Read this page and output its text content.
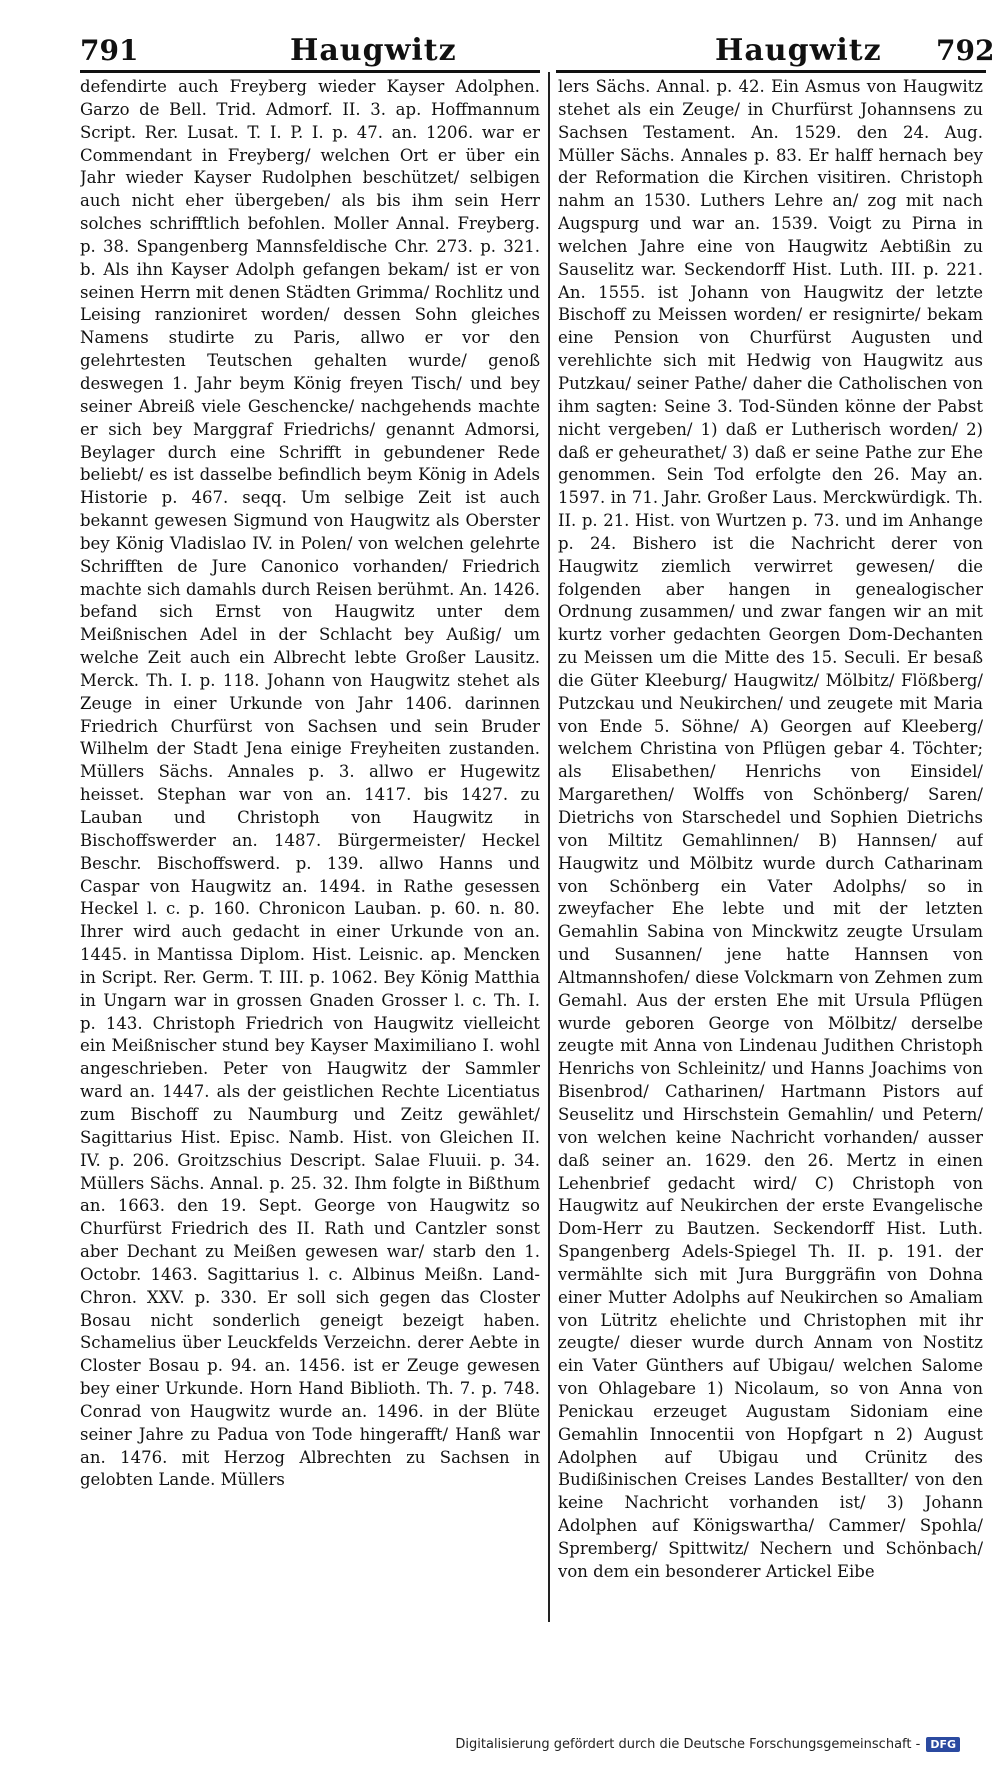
791	Haugwitz	Haugwitz 792

defendirte auch Freyberg wieder Kayser Adolphen. Garzo de Bell. Trid. Admorf. II. 3. ap. Hoffmannum Script. Rer. Lusat. T. I. P. I. p. 47. an. 1206. war er Commendant in Freyberg/ welchen Ort er über ein Jahr wieder Kayser Rudolphen beschützet/ selbigen auch nicht eher übergeben/ als bis ihm sein Herr solches schrifftlich befohlen. Moller Annal. Freyberg. p. 38. Spangenberg Mannsfeldische Chr. 273. p. 321. b. Als ihn Kayser Adolph gefangen bekam/ ist er von seinen Herrn mit denen Städten Grimma/ Rochlitz und Leising ranzioniret worden/ dessen Sohn gleiches Namens studirte zu Paris, allwo er vor den gelehrtesten Teutschen gehalten wurde/ genoß deswegen 1. Jahr beym König freyen Tisch/ und bey seiner Abreiß viele Geschencke/ nachgehends machte er sich bey Marggraf Friedrichs/ genannt Admorsi, Beylager durch eine Schrifft in gebundener Rede beliebt/ es ist dasselbe befindlich beym König in Adels Historie p. 467. seqq. Um selbige Zeit ist auch bekannt gewesen Sigmund von Haugwitz als Oberster bey König Vladislao IV. in Polen/ von welchen gelehrte Schrifften de Jure Canonico vorhanden/ Friedrich machte sich damahls durch Reisen berühmt. An. 1426. befand sich Ernst von Haugwitz unter dem Meißnischen Adel in der Schlacht bey Außig/ um welche Zeit auch ein Albrecht lebte Großer Lausitz. Merck. Th. I. p. 118. Johann von Haugwitz stehet als Zeuge in einer Urkunde von Jahr 1406. darinnen Friedrich Churfürst von Sachsen und sein Bruder Wilhelm der Stadt Jena einige Freyheiten zustanden. Müllers Sächs. Annales p. 3. allwo er Hugewitz heisset. Stephan war von an. 1417. bis 1427. zu Lauban und Christoph von Haugwitz in Bischoffswerder an. 1487. Bürgermeister/ Heckel Beschr. Bischoffswerd. p. 139. allwo Hanns und Caspar von Haugwitz an. 1494. in Rathe gesessen Heckel l. c. p. 160. Chronicon Lauban. p. 60. n. 80. Ihrer wird auch gedacht in einer Urkunde von an. 1445. in Mantissa Diplom. Hist. Leisnic. ap. Mencken in Script. Rer. Germ. T. III. p. 1062. Bey König Matthia in Ungarn war in grossen Gnaden Grosser l. c. Th. I. p. 143. Christoph Friedrich von Haugwitz vielleicht ein Meißnischer stund bey Kayser Maximiliano I. wohl angeschrieben. Peter von Haugwitz der Sammler ward an. 1447. als der geistlichen Rechte Licentiatus zum Bischoff zu Naumburg und Zeitz gewählet/ Sagittarius Hist. Episc. Namb. Hist. von Gleichen II. IV. p. 206. Groitzschius Descript. Salae Fluuii. p. 34. Müllers Sächs. Annal. p. 25. 32. Ihm folgte in Bißthum an. 1663. den 19. Sept. George von Haugwitz so Churfürst Friedrich des II. Rath und Cantzler sonst aber Dechant zu Meißen gewesen war/ starb den 1. Octobr. 1463. Sagittarius l. c. Albinus Meißn. Land-Chron. XXV. p. 330. Er soll sich gegen das Closter Bosau nicht sonderlich geneigt bezeigt haben. Schamelius über Leuckfelds Verzeichn. derer Aebte in Closter Bosau p. 94. an. 1456. ist er Zeuge gewesen bey einer Urkunde. Horn Hand Biblioth. Th. 7. p. 748. Conrad von Haugwitz wurde an. 1496. in der Blüte seiner Jahre zu Padua von Tode hingerafft/ Hanß war an. 1476. mit Herzog Albrechten zu Sachsen in gelobten Lande. Müllers

lers Sächs. Annal. p. 42. Ein Asmus von Haugwitz stehet als ein Zeuge/ in Churfürst Johannsens zu Sachsen Testament. An. 1529. den 24. Aug. Müller Sächs. Annales p. 83. Er halff hernach bey der Reformation die Kirchen visitiren. Christoph nahm an 1530. Luthers Lehre an/ zog mit nach Augspurg und war an. 1539. Voigt zu Pirna in welchen Jahre eine von Haugwitz Aebtißin zu Sauselitz war. Seckendorff Hist. Luth. III. p. 221. An. 1555. ist Johann von Haugwitz der letzte Bischoff zu Meissen worden/ er resignirte/ bekam eine Pension von Churfürst Augusten und verehlichte sich mit Hedwig von Haugwitz aus Putzkau/ seiner Pathe/ daher die Catholischen von ihm sagten: Seine 3. Tod-Sünden könne der Pabst nicht vergeben/ 1) daß er Lutherisch worden/ 2) daß er geheurathet/ 3) daß er seine Pathe zur Ehe genommen. Sein Tod erfolgte den 26. May an. 1597. in 71. Jahr. Großer Laus. Merckwürdigk. Th. II. p. 21. Hist. von Wurtzen p. 73. und im Anhange p. 24. Bishero ist die Nachricht derer von Haugwitz ziemlich verwirret gewesen/ die folgenden aber hangen in genealogischer Ordnung zusammen/ und zwar fangen wir an mit kurtz vorher gedachten Georgen Dom-Dechanten zu Meissen um die Mitte des 15. Seculi. Er besaß die Güter Kleeburg/ Haugwitz/ Mölbitz/ Flößberg/ Putzckau und Neukirchen/ und zeugete mit Maria von Ende 5. Söhne/ A) Georgen auf Kleeberg/ welchem Christina von Pflügen gebar 4. Töchter; als Elisabethen/ Henrichs von Einsidel/ Margarethen/ Wolffs von Schönberg/ Saren/ Dietrichs von Starschedel und Sophien Dietrichs von Miltitz Gemahlinnen/ B) Hannsen/ auf Haugwitz und Mölbitz wurde durch Catharinam von Schönberg ein Vater Adolphs/ so in zweyfacher Ehe lebte und mit der letzten Gemahlin Sabina von Minckwitz zeugte Ursulam und Susannen/ jene hatte Hannsen von Altmannshofen/ diese Volckmarn von Zehmen zum Gemahl. Aus der ersten Ehe mit Ursula Pflügen wurde geboren George von Mölbitz/ derselbe zeugte mit Anna von Lindenau Judithen Christoph Henrichs von Schleinitz/ und Hanns Joachims von Bisenbrod/ Catharinen/ Hartmann Pistors auf Seuselitz und Hirschstein Gemahlin/ und Petern/ von welchen keine Nachricht vorhanden/ ausser daß seiner an. 1629. den 26. Mertz in einen Lehenbrief gedacht wird/ C) Christoph von Haugwitz auf Neukirchen der erste Evangelische Dom-Herr zu Bautzen. Seckendorff Hist. Luth. Spangenberg Adels-Spiegel Th. II. p. 191. der vermählte sich mit Jura Burggräfin von Dohna einer Mutter Adolphs auf Neukirchen so Amaliam von Lütritz ehelichte und Christophen mit ihr zeugte/ dieser wurde durch Annam von Nostitz ein Vater Günthers auf Ubigau/ welchen Salome von Ohlagebare 1) Nicolaum, so von Anna von Penickau erzeuget Augustam Sidoniam eine Gemahlin Innocentii von Hopfgart n 2) August Adolphen auf Ubigau und Crünitz des Budißinischen Creises Landes Bestallter/ von den keine Nachricht vorhanden ist/ 3) Johann Adolphen auf Königswartha/ Cammer/ Spohla/ Spremberg/ Spittwitz/ Nechern und Schönbach/ von dem ein besonderer Artickel Eibe

Digitalisierung gefördert durch die Deutsche Forschungsgemeinschaft - DFG
